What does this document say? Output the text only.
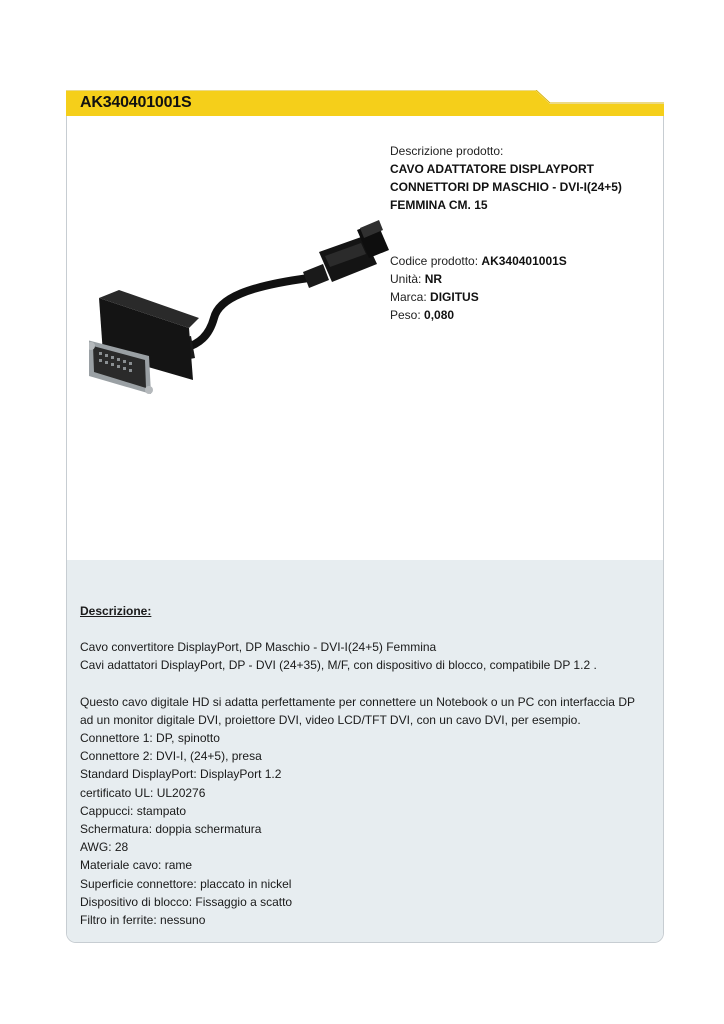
AK340401001S
Descrizione prodotto:
CAVO ADATTATORE DISPLAYPORT
CONNETTORI DP MASCHIO - DVI-I(24+5)
FEMMINA CM. 15
Codice prodotto: AK340401001S
Unità: NR
Marca: DIGITUS
Peso: 0,080
Descrizione:
Cavo convertitore DisplayPort, DP Maschio - DVI-I(24+5) Femmina
Cavi adattatori DisplayPort, DP - DVI (24+35), M/F, con dispositivo di blocco, compatibile DP 1.2 .
Questo cavo digitale HD si adatta perfettamente per connettere un Notebook o un PC con interfaccia DP
ad un monitor digitale DVI, proiettore DVI, video LCD/TFT DVI, con un cavo DVI, per esempio.
Connettore 1: DP, spinotto
Connettore 2: DVI-I, (24+5), presa
Standard DisplayPort: DisplayPort 1.2
certificato UL: UL20276
Cappucci: stampato
Schermatura: doppia schermatura
AWG: 28
Materiale cavo: rame
Superficie connettore: placcato in nickel
Dispositivo di blocco: Fissaggio a scatto
Filtro in ferrite: nessuno
